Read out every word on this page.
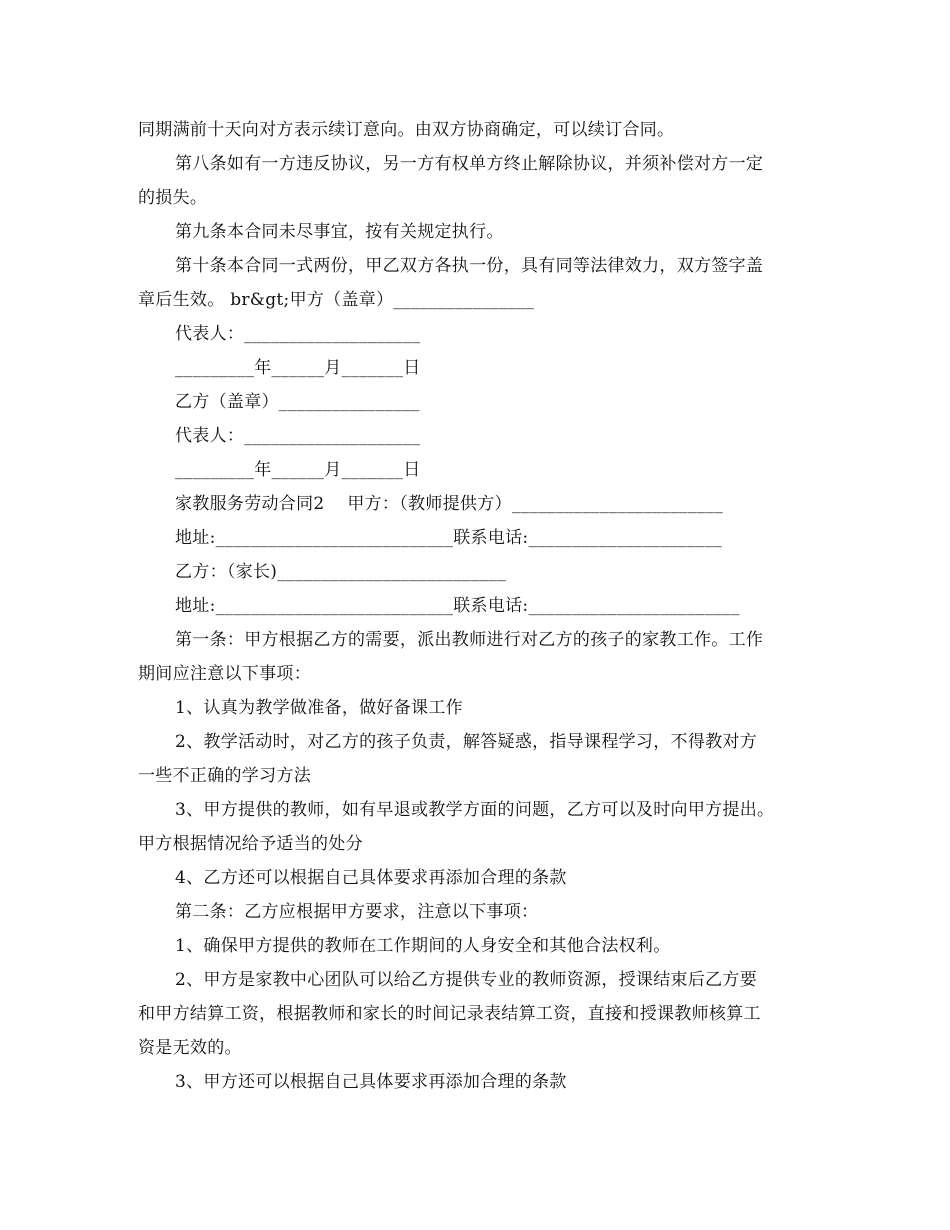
同期满前十天向对方表示续订意向。由双方协商确定，可以续订合同。
第八条如有一方违反协议，另一方有权单方终止解除协议，并须补偿对方一定
的损失。
第九条本合同未尽事宜，按有关规定执行。
第十条本合同一式两份，甲乙双方各执一份，具有同等法律效力，双方签字盖
章后生效。 br&gt;甲方（盖章）________________
代表人：____________________
_________年______月_______日
乙方（盖章）________________
代表人：____________________
_________年______月_______日
家教服务劳动合同2    甲方：（教师提供方）________________________
地址:___________________________联系电话:______________________
乙方：（家长)__________________________
地址:___________________________联系电话:________________________
第一条：甲方根据乙方的需要，派出教师进行对乙方的孩子的家教工作。工作
期间应注意以下事项：
1、认真为教学做准备，做好备课工作
2、教学活动时，对乙方的孩子负责，解答疑惑，指导课程学习，不得教对方
一些不正确的学习方法
3、甲方提供的教师，如有早退或教学方面的问题，乙方可以及时向甲方提出。
甲方根据情况给予适当的处分
4、乙方还可以根据自己具体要求再添加合理的条款
第二条：乙方应根据甲方要求，注意以下事项：
1、确保甲方提供的教师在工作期间的人身安全和其他合法权利。
2、甲方是家教中心团队可以给乙方提供专业的教师资源，授课结束后乙方要
和甲方结算工资，根据教师和家长的时间记录表结算工资，直接和授课教师核算工
资是无效的。
3、甲方还可以根据自己具体要求再添加合理的条款
